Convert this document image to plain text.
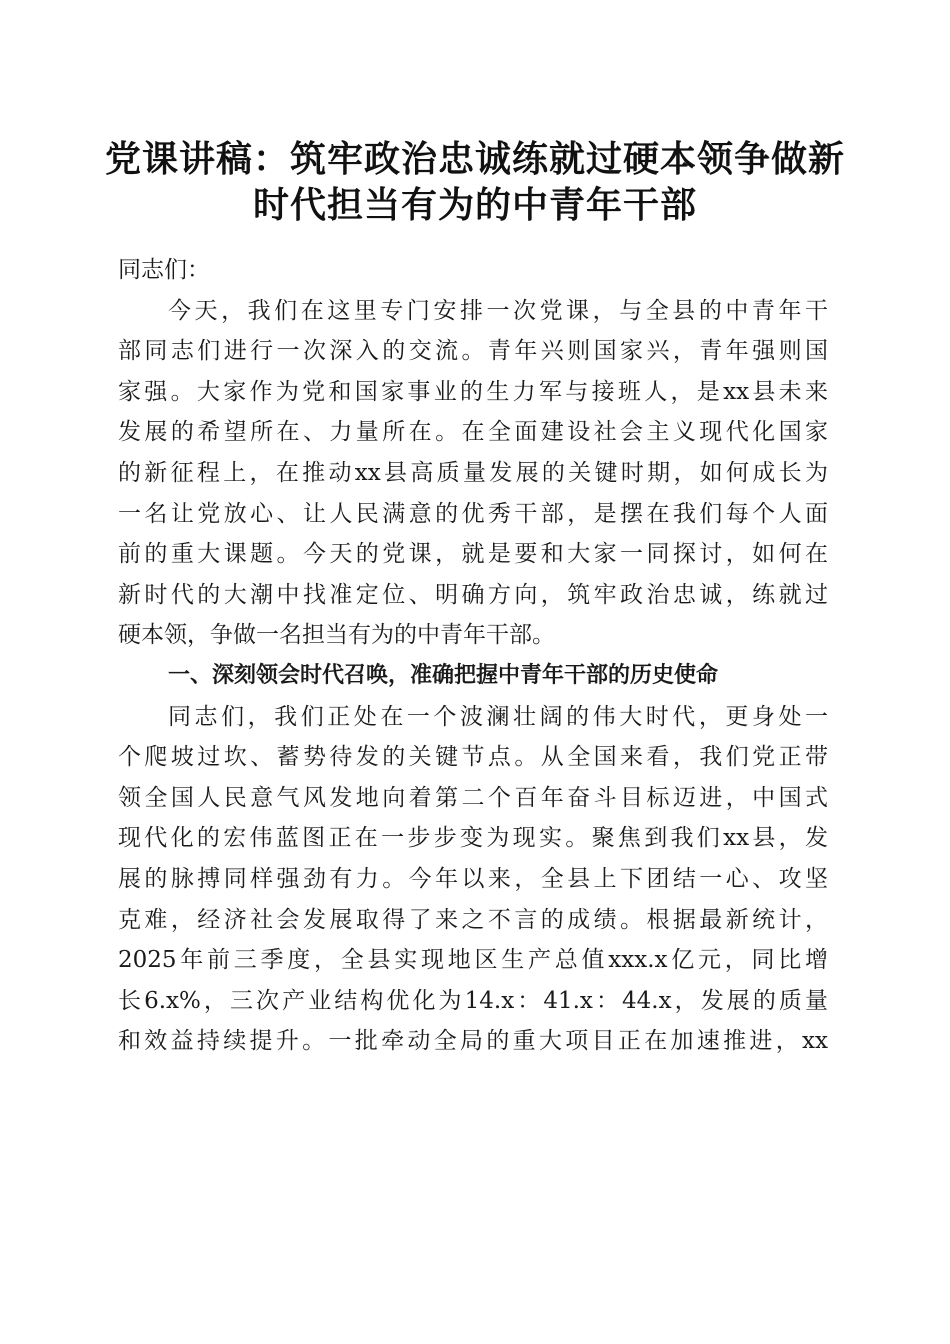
党课讲稿：筑牢政治忠诚练就过硬本领争做新
时代担当有为的中青年干部
同志们：
今天，我们在这里专门安排一次党课，与全县的中青年干
部同志们进行一次深入的交流。青年兴则国家兴，青年强则国
家强。大家作为党和国家事业的生力军与接班人，是xx县未来
发展的希望所在、力量所在。在全面建设社会主义现代化国家
的新征程上，在推动xx县高质量发展的关键时期，如何成长为
一名让党放心、让人民满意的优秀干部，是摆在我们每个人面
前的重大课题。今天的党课，就是要和大家一同探讨，如何在
新时代的大潮中找准定位、明确方向，筑牢政治忠诚，练就过
硬本领，争做一名担当有为的中青年干部。
一、深刻领会时代召唤，准确把握中青年干部的历史使命
同志们，我们正处在一个波澜壮阔的伟大时代，更身处一
个爬坡过坎、蓄势待发的关键节点。从全国来看，我们党正带
领全国人民意气风发地向着第二个百年奋斗目标迈进，中国式
现代化的宏伟蓝图正在一步步变为现实。聚焦到我们xx县，发
展的脉搏同样强劲有力。今年以来，全县上下团结一心、攻坚
克难，经济社会发展取得了来之不言的成绩。根据最新统计，
2025年前三季度，全县实现地区生产总值xxx.x亿元，同比增
长6.x%，三次产业结构优化为14.x：41.x：44.x，发展的质量
和效益持续提升。一批牵动全局的重大项目正在加速推进，xx
